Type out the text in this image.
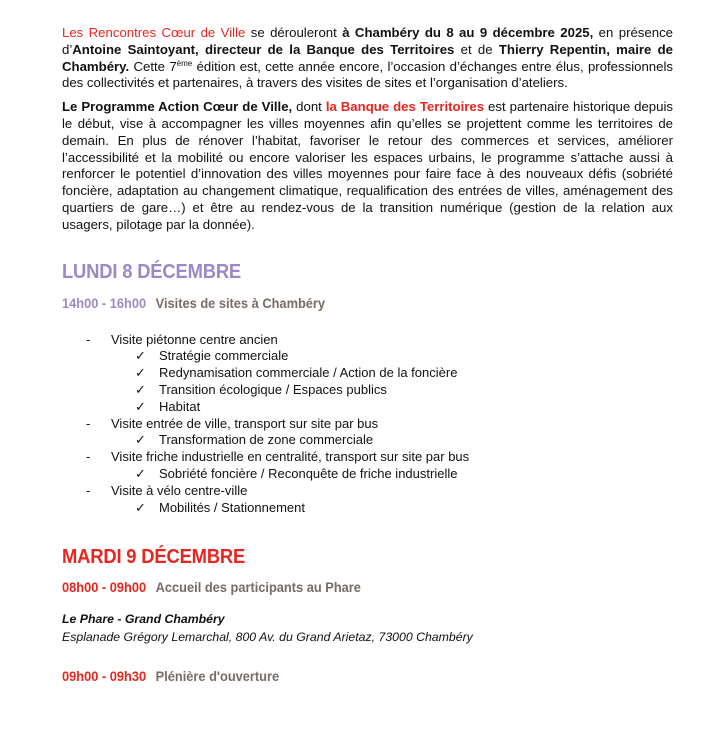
Les Rencontres Cœur de Ville se dérouleront à Chambéry du 8 au 9 décembre 2025, en présence d’Antoine Saintoyant, directeur de la Banque des Territoires et de Thierry Repentin, maire de Chambéry. Cette 7ème édition est, cette année encore, l’occasion d’échanges entre élus, professionnels des collectivités et partenaires, à travers des visites de sites et l’organisation d’ateliers.

Le Programme Action Cœur de Ville, dont la Banque des Territoires est partenaire historique depuis le début, vise à accompagner les villes moyennes afin qu’elles se projettent comme les territoires de demain. En plus de rénover l’habitat, favoriser le retour des commerces et services, améliorer l’accessibilité et la mobilité ou encore valoriser les espaces urbains, le programme s’attache aussi à renforcer le potentiel d’innovation des villes moyennes pour faire face à des nouveaux défis (sobriété foncière, adaptation au changement climatique, requalification des entrées de villes, aménagement des quartiers de gare…) et être au rendez-vous de la transition numérique (gestion de la relation aux usagers, pilotage par la donnée).

LUNDI 8 DÉCEMBRE

14h00 - 16h00 Visites de sites à Chambéry

- Visite piétonne centre ancien
✓ Stratégie commerciale
✓ Redynamisation commerciale / Action de la foncière
✓ Transition écologique / Espaces publics
✓ Habitat
- Visite entrée de ville, transport sur site par bus
✓ Transformation de zone commerciale
- Visite friche industrielle en centralité, transport sur site par bus
✓ Sobriété foncière / Reconquête de friche industrielle
- Visite à vélo centre-ville
✓ Mobilités / Stationnement
MARDI 9 DÉCEMBRE

08h00 - 09h00 Accueil des participants au Phare

Le Phare - Grand Chambéry

Esplanade Grégory Lemarchal, 800 Av. du Grand Arietaz, 73000 Chambéry

09h00 - 09h30 Plénière d'ouverture
